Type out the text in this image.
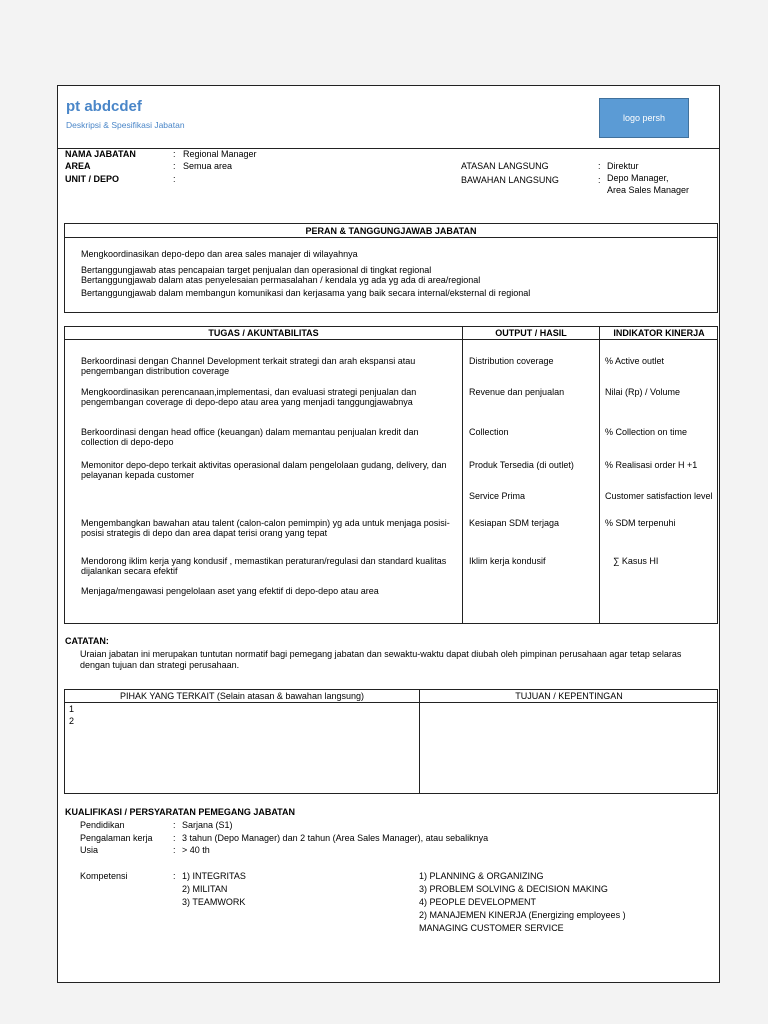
pt abdcdef
Deskripsi & Spesifikasi Jabatan
logo persh
NAMA JABATAN	: Regional Manager
AREA	: Semua area
UNIT / DEPO	:
ATASAN LANGSUNG	: Direktur
BAWAHAN LANGSUNG	: Depo Manager,
Area Sales Manager
PERAN & TANGGUNGJAWAB JABATAN
Mengkoordinasikan depo-depo dan area sales manajer di wilayahnya
Bertanggungjawab atas pencapaian target penjualan dan operasional di tingkat regional
Bertanggungjawab dalam atas penyelesaian permasalahan / kendala yg ada yg ada di area/regional
Bertanggungjawab dalam membangun komunikasi dan kerjasama yang baik secara internal/eksternal di regional
TUGAS / AKUNTABILITAS	OUTPUT / HASIL	INDIKATOR KINERJA
Berkoordinasi dengan Channel Development terkait strategi dan arah ekspansi atau
pengembangan distribution coverage
Distribution coverage	% Active outlet
Mengkoordinasikan perencanaan,implementasi, dan evaluasi strategi penjualan dan
pengembangan coverage di depo-depo atau area yang menjadi tanggungjawabnya
Revenue dan penjualan	Nilai (Rp) / Volume
Berkoordinasi dengan head office (keuangan) dalam memantau penjualan kredit dan
collection di depo-depo
Collection	% Collection on time
Memonitor depo-depo terkait aktivitas operasional dalam pengelolaan gudang, delivery, dan
pelayanan kepada customer
Produk Tersedia (di outlet)	% Realisasi order H +1
Service Prima	Customer satisfaction level
Mengembangkan bawahan atau talent (calon-calon pemimpin) yg ada untuk menjaga posisi-
posisi strategis di depo dan area dapat terisi orang yang tepat
Kesiapan SDM terjaga	% SDM terpenuhi
Mendorong iklim kerja yang kondusif , memastikan peraturan/regulasi dan standard kualitas
dijalankan secara efektif
Iklim kerja kondusif	∑ Kasus HI
Menjaga/mengawasi pengelolaan aset yang efektif di depo-depo atau area
CATATAN:
Uraian jabatan ini merupakan tuntutan normatif bagi pemegang jabatan dan sewaktu-waktu dapat diubah oleh pimpinan perusahaan agar tetap selaras
dengan tujuan dan strategi perusahaan.
PIHAK YANG TERKAIT (Selain atasan & bawahan langsung)	TUJUAN / KEPENTINGAN
1
2
KUALIFIKASI / PERSYARATAN PEMEGANG JABATAN
Pendidikan	: Sarjana (S1)
Pengalaman kerja : 3 tahun (Depo Manager) dan 2 tahun (Area Sales Manager), atau sebaliknya
Usia	: > 40 th
Kompetensi	: 1) INTEGRITAS
2) MILITAN
3) TEAMWORK
1) PLANNING & ORGANIZING
3) PROBLEM SOLVING & DECISION MAKING
4) PEOPLE DEVELOPMENT
2) MANAJEMEN KINERJA (Energizing employees )
MANAGING CUSTOMER SERVICE
